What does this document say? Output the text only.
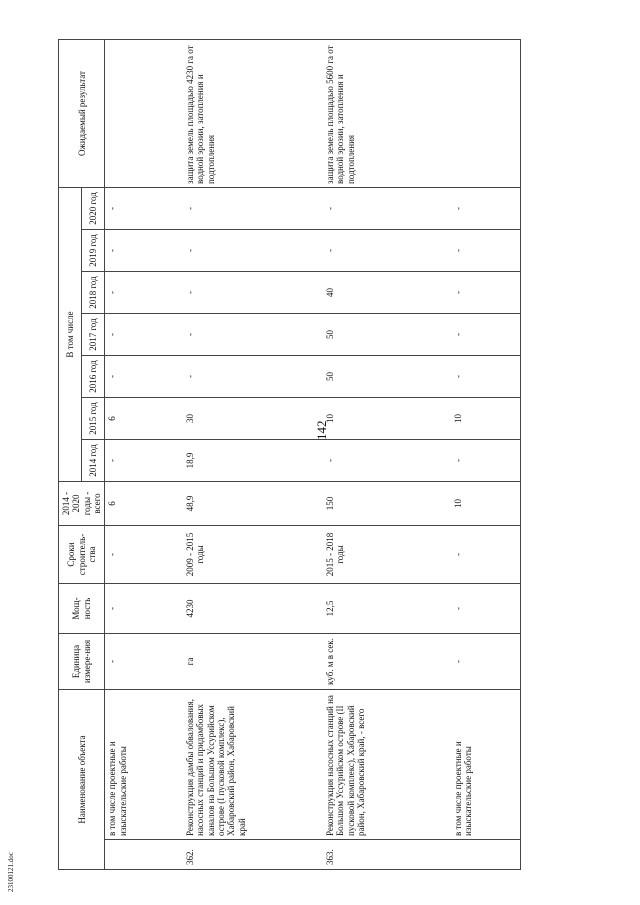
142
23100121.doc
Наименование объекта		Единица измере-ния	Мощ-ность	Сроки строитель-ства	2014 - 2020 годы - всего	В том числе							Ожидаемый результат
						2014 год	2015 год	2016 год	2017 год	2018 год	2019 год	2020 год	
	в том числе проектные и изыскательские работы	-	-	-	6	-	6	-	-	-	-	-	
362.	Реконструкция дамбы обвалования, насосных станций и придамбовых каналов на Большом Уссурийском острове (I пусковой комплекс), Хабаровский район, Хабаровский край	га	4230	2009 - 2015 годы	48,9	18,9	30	-	-	-	-	-	защита земель площадью 4230 га от водной эрозии, затопления и подтопления
363.	Реконструкция насосных станций на Большом Уссурийском острове (II пусковой комплекс), Хабаровский район, Хабаровский край, - всего	куб. м в сек.	12,5	2015 - 2018 годы	150	-	10	50	50	40	-	-	защита земель площадью 5600 га от водной эрозии, затопления и подтопления
	в том числе проектные и изыскательские работы	-	-	-	10	-	10	-	-	-	-	-	
